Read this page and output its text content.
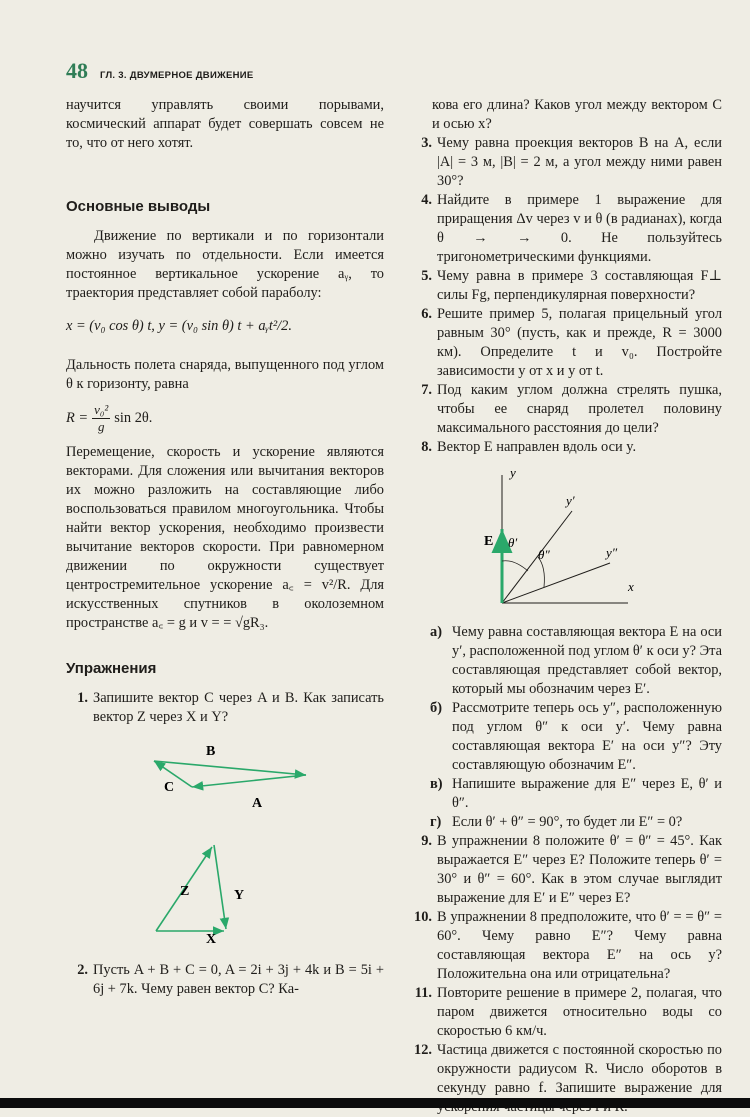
48 ГЛ. 3. ДВУМЕРНОЕ ДВИЖЕНИЕ

научится управлять своими порывами, космический аппарат будет совершать совсем не то, что от него хотят.

Основные выводы

Движение по вертикали и по горизонтали можно изучать по отдельности. Если имеется постоянное вертикальное ускорение aᵧ, то траектория представляет собой параболу:

x = (v₀ cos θ) t, y = (v₀ sin θ) t + aᵧt²/2.

Дальность полета снаряда, выпущенного под углом θ к горизонту, равна

$R = \frac{\text{v₀²}}{g}$ sin 2θ.

Перемещение, скорость и ускорение являются векторами. Для сложения или вычитания векторов их можно разложить на составляющие либо воспользоваться правилом многоугольника. Чтобы найти вектор ускорения, необходимо произвести вычитание векторов скорости. При равномерном движении по окружности существует центростремительное ускорение a꜀ = v²/R. Для искусственных спутников в околоземном пространстве a꜀ = g и v = = √gR₃.

Упражнения
1. Запишите вектор C через A и B. Как записать вектор Z через X и Y?
B
C
A
Z	Y
X
2. Пусть A + B + C = 0, A = 2i + 3j + 4k и B = 5i + 6j + 7k. Чему равен вектор C? Ка-

кова его длина? Каков угол между вектором C и осью x?

3. Чему равна проекция векторов B на A, если |A| = 3 м, |B| = 2 м, а угол между ними равен 30°?
4. Найдите в примере 1 выражение для приращения Δv через v и θ (в радианах), когда θ → → 0. Не пользуйтесь тригонометрическими функциями.
5. Чему равна в примере 3 составляющая F⊥ силы Fg, перпендикулярная поверхности?
6. Решите пример 5, полагая прицельный угол равным 30° (пусть, как и прежде, R = 3000 км). Определите t и v₀. Постройте зависимости y от x и y от t.
7. Под каким углом должна стрелять пушка, чтобы ее снаряд пролетел половину максимального расстояния до цели?
8. Вектор E направлен вдоль оси y.
y
y′
y″
x
E θ′
θ″
а) Чему равна составляющая вектора E на оси y′, расположенной под углом θ′ к оси y? Эта составляющая представляет собой вектор, который мы обозначим через E′.
б) Рассмотрите теперь ось y″, расположенную под углом θ″ к оси y′. Чему равна составляющая вектора E′ на оси y″? Эту составляющую обозначим E″.
в) Напишите выражение для E″ через E, θ′ и θ″.
г) Если θ′ + θ″ = 90°, то будет ли E″ = 0?
9. В упражнении 8 положите θ′ = θ″ = 45°. Как выражается E″ через E? Положите теперь θ′ = 30° и θ″ = 60°. Как в этом случае выглядит выражение для E′ и E″ через E?
10. В упражнении 8 предположите, что θ′ = = θ″ = 60°. Чему равно E″? Чему равна составляющая вектора E″ на ось y? Положительна она или отрицательна?
11. Повторите решение в примере 2, полагая, что паром движется относительно воды со скоростью 6 км/ч.
12. Частица движется с постоянной скоростью по окружности радиусом R. Число оборотов в секунду равно f. Запишите выражение для
